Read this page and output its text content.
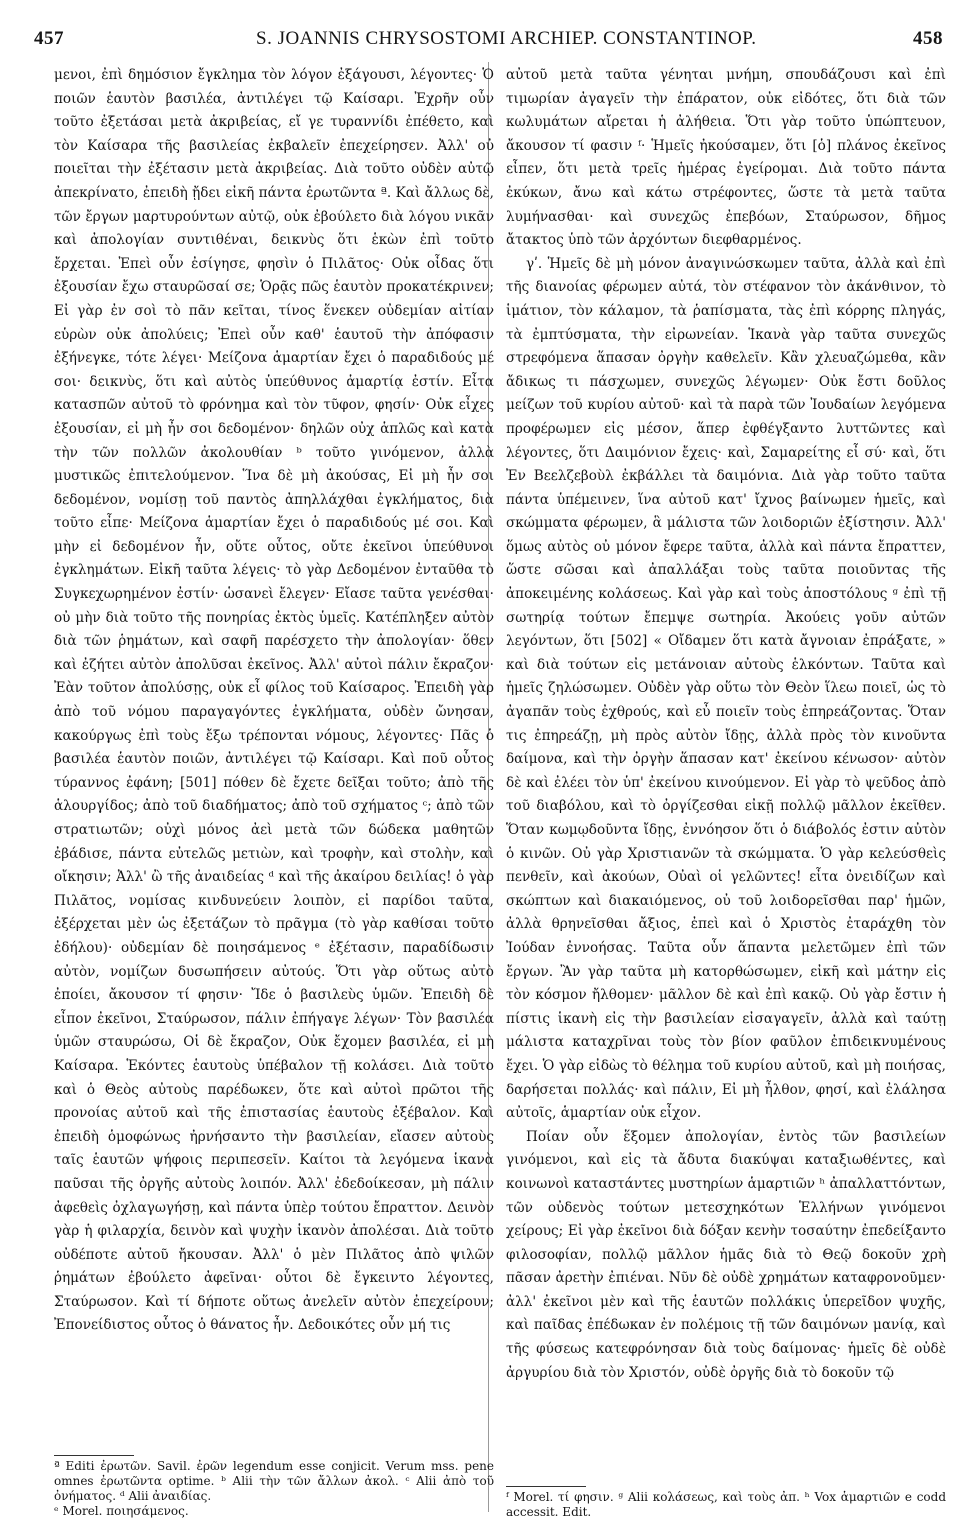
457	S. JOANNIS CHRYSOSTOMI ARCHIEP. CONSTANTINOP.	458

μενοι, ἐπὶ δημόσιον ἔγκλημα τὸν λόγον ἐξάγουσι, λέγοντες· Ὁ ποιῶν ἑαυτὸν βασιλέα, ἀντιλέγει τῷ Καίσαρι. Ἐχρῆν οὖν τοῦτο ἐξετάσαι μετὰ ἀκριβείας, εἴ γε τυραννίδι ἐπέθετο, καὶ τὸν Καίσαρα τῆς βασιλείας ἐκβαλεῖν ἐπεχείρησεν. Ἀλλ' οὐ ποιεῖται τὴν ἐξέτασιν μετὰ ἀκριβείας. Διὰ τοῦτο οὐδὲν αὐτῷ ἀπεκρίνατο, ἐπειδὴ ᾔδει εἰκῆ πάντα ἐρωτῶντα ª. Καὶ ἄλλως δὲ, τῶν ἔργων μαρτυρούντων αὐτῷ, οὐκ ἐβούλετο διὰ λόγου νικᾶν καὶ ἀπολογίαν συντιθέναι, δεικνὺς ὅτι ἑκὼν ἐπὶ τοῦτο ἔρχεται. Ἐπεὶ οὖν ἐσίγησε, φησὶν ὁ Πιλᾶτος· Οὐκ οἶδας ὅτι ἐξουσίαν ἔχω σταυρῶσαί σε; Ὁρᾷς πῶς ἑαυτὸν προκατέκρινεν; Εἰ γὰρ ἐν σοὶ τὸ πᾶν κεῖται, τίνος ἕνεκεν οὐδεμίαν αἰτίαν εὑρὼν οὐκ ἀπολύεις; Ἐπεὶ οὖν καθ' ἑαυτοῦ τὴν ἀπόφασιν ἐξήνεγκε, τότε λέγει· Μείζονα ἁμαρτίαν ἔχει ὁ παραδιδούς μέ σοι· δεικνὺς, ὅτι καὶ αὐτὸς ὑπεύθυνος ἁμαρτίᾳ ἐστίν. Εἶτα κατασπῶν αὐτοῦ τὸ φρόνημα καὶ τὸν τῦφον, φησίν· Οὐκ εἶχες ἐξουσίαν, εἰ μὴ ἦν σοι δεδομένον· δηλῶν οὐχ ἁπλῶς καὶ κατὰ τὴν τῶν πολλῶν ἀκολουθίαν ᵇ τοῦτο γινόμενον, ἀλλὰ μυστικῶς ἐπιτελούμενον. Ἵνα δὲ μὴ ἀκούσας, Εἰ μὴ ἦν σοι δεδομένον, νομίσῃ τοῦ παντὸς ἀπηλλάχθαι ἐγκλήματος, διὰ τοῦτο εἶπε· Μείζονα ἁμαρτίαν ἔχει ὁ παραδιδούς μέ σοι. Καὶ μὴν εἰ δεδομένον ἦν, οὔτε οὗτος, οὔτε ἐκεῖνοι ὑπεύθυνοι ἐγκλημάτων. Εἰκῆ ταῦτα λέγεις· τὸ γὰρ Δεδομένον ἐνταῦθα τὸ Συγκεχωρημένον ἐστίν· ὡσανεὶ ἔλεγεν· Εἴασε ταῦτα γενέσθαι· οὐ μὴν διὰ τοῦτο τῆς πονηρίας ἐκτὸς ὑμεῖς. Κατέπληξεν αὐτὸν διὰ τῶν ῥημάτων, καὶ σαφῆ παρέσχετο τὴν ἀπολογίαν· ὅθεν καὶ ἐζήτει αὐτὸν ἀπολῦσαι ἐκεῖνος. Ἀλλ' αὐτοὶ πάλιν ἔκραζον· Ἐὰν τοῦτον ἀπολύσῃς, οὐκ εἶ φίλος τοῦ Καίσαρος. Ἐπειδὴ γὰρ ἀπὸ τοῦ νόμου παραγαγόντες ἐγκλήματα, οὐδὲν ὤνησαν, κακούργως ἐπὶ τοὺς ἔξω τρέπονται νόμους, λέγοντες· Πᾶς ὁ βασιλέα ἑαυτὸν ποιῶν, ἀντιλέγει τῷ Καίσαρι. Καὶ ποῦ οὗτος τύραννος ἐφάνη; [501] πόθεν δὲ ἔχετε δεῖξαι τοῦτο; ἀπὸ τῆς ἁλουργίδος; ἀπὸ τοῦ διαδήματος; ἀπὸ τοῦ σχήματος ᶜ; ἀπὸ τῶν στρατιωτῶν; οὐχὶ μόνος ἀεὶ μετὰ τῶν δώδεκα μαθητῶν ἐβάδισε, πάντα εὐτελῶς μετιὼν, καὶ τροφὴν, καὶ στολὴν, καὶ οἴκησιν; Ἀλλ' ὢ τῆς ἀναιδείας ᵈ καὶ τῆς ἀκαίρου δειλίας! ὁ γὰρ Πιλᾶτος, νομίσας κινδυνεύειν λοιπὸν, εἰ παρίδοι ταῦτα, ἐξέρχεται μὲν ὡς ἐξετάζων τὸ πρᾶγμα (τὸ γὰρ καθίσαι τοῦτο ἐδήλου)· οὐδεμίαν δὲ ποιησάμενος ᵉ ἐξέτασιν, παραδίδωσιν αὐτὸν, νομίζων δυσωπήσειν αὐτούς. Ὅτι γὰρ οὕτως αὐτὸ ἐποίει, ἄκουσον τί φησιν· Ἴδε ὁ βασιλεὺς ὑμῶν. Ἐπειδὴ δὲ εἶπον ἐκεῖνοι, Σταύρωσον, πάλιν ἐπήγαγε λέγων· Τὸν βασιλέα ὑμῶν σταυρώσω, Οἱ δὲ ἔκραζον, Οὐκ ἔχομεν βασιλέα, εἰ μὴ Καίσαρα. Ἑκόντες ἑαυτοὺς ὑπέβαλον τῇ κολάσει. Διὰ τοῦτο καὶ ὁ Θεὸς αὐτοὺς παρέδωκεν, ὅτε καὶ αὐτοὶ πρῶτοι τῆς προνοίας αὐτοῦ καὶ τῆς ἐπιστασίας ἑαυτοὺς ἐξέβαλον. Καὶ ἐπειδὴ ὁμοφώνως ἠρνήσαντο τὴν βασιλείαν, εἴασεν αὐτοὺς ταῖς ἑαυτῶν ψήφοις περιπεσεῖν. Καίτοι τὰ λεγόμενα ἱκανὰ παῦσαι τῆς ὀργῆς αὐτοὺς λοιπόν. Ἀλλ' ἐδεδοίκεσαν, μὴ πάλιν ἀφεθεὶς ὀχλαγωγήσῃ, καὶ πάντα ὑπὲρ τούτου ἔπραττον. Δεινὸν γὰρ ἡ φιλαρχία, δεινὸν καὶ ψυχὴν ἱκανὸν ἀπολέσαι. Διὰ τοῦτο οὐδέποτε αὐτοῦ ἤκουσαν. Ἀλλ' ὁ μὲν Πιλᾶτος ἀπὸ ψιλῶν ῥημάτων ἐβούλετο ἀφεῖναι· οὗτοι δὲ ἔγκειντο λέγοντες, Σταύρωσον. Καὶ τί δήποτε οὕτως ἀνελεῖν αὐτὸν ἐπεχείρουν; Ἐπονείδιστος οὗτος ὁ θάνατος ἦν. Δεδοικότες οὖν μή τις

αὐτοῦ μετὰ ταῦτα γένηται μνήμη, σπουδάζουσι καὶ ἐπὶ τιμωρίαν ἀγαγεῖν τὴν ἐπάρατον, οὐκ εἰδότες, ὅτι διὰ τῶν κωλυμάτων αἴρεται ἡ ἀλήθεια. Ὅτι γὰρ τοῦτο ὑπώπτευον, ἄκουσον τί φασιν ᶠ· Ἡμεῖς ἠκούσαμεν, ὅτι [ὁ] πλάνος ἐκεῖνος εἶπεν, ὅτι μετὰ τρεῖς ἡμέρας ἐγείρομαι. Διὰ τοῦτο πάντα ἐκύκων, ἄνω καὶ κάτω στρέφοντες, ὥστε τὰ μετὰ ταῦτα λυμήνασθαι· καὶ συνεχῶς ἐπεβόων, Σταύρωσον, δῆμος ἄτακτος ὑπὸ τῶν ἀρχόντων διεφθαρμένος.

γʹ. Ἡμεῖς δὲ μὴ μόνον ἀναγινώσκωμεν ταῦτα, ἀλλὰ καὶ ἐπὶ τῆς διανοίας φέρωμεν αὐτά, τὸν στέφανον τὸν ἀκάνθινον, τὸ ἱμάτιον, τὸν κάλαμον, τὰ ῥαπίσματα, τὰς ἐπὶ κόρρης πληγάς, τὰ ἐμπτύσματα, τὴν εἰρωνείαν. Ἱκανὰ γὰρ ταῦτα συνεχῶς στρεφόμενα ἅπασαν ὀργὴν καθελεῖν. Κἂν χλευαζώμεθα, κἂν ἄδικως τι πάσχωμεν, συνεχῶς λέγωμεν· Οὐκ ἔστι δοῦλος μείζων τοῦ κυρίου αὐτοῦ· καὶ τὰ παρὰ τῶν Ἰουδαίων λεγόμενα προφέρωμεν εἰς μέσον, ἅπερ ἐφθέγξαντο λυττῶντες καὶ λέγοντες, ὅτι Δαιμόνιον ἔχεις· καὶ, Σαμαρείτης εἶ σύ· καὶ, ὅτι Ἐν Βεελζεβοὺλ ἐκβάλλει τὰ δαιμόνια. Διὰ γὰρ τοῦτο ταῦτα πάντα ὑπέμεινεν, ἵνα αὐτοῦ κατ' ἴχνος βαίνωμεν ἡμεῖς, καὶ σκώμματα φέρωμεν, ἃ μάλιστα τῶν λοιδοριῶν ἐξίστησιν. Ἀλλ' ὅμως αὐτὸς οὐ μόνον ἔφερε ταῦτα, ἀλλὰ καὶ πάντα ἔπραττεν, ὥστε σῶσαι καὶ ἀπαλλάξαι τοὺς ταῦτα ποιοῦντας τῆς ἀποκειμένης κολάσεως. Καὶ γὰρ καὶ τοὺς ἀποστόλους ᵍ ἐπὶ τῇ σωτηρίᾳ τούτων ἔπεμψε σωτηρία. Ἀκούεις γοῦν αὐτῶν λεγόντων, ὅτι [502] « Οἴδαμεν ὅτι κατὰ ἄγνοιαν ἐπράξατε, » καὶ διὰ τούτων εἰς μετάνοιαν αὐτοὺς ἑλκόντων. Ταῦτα καὶ ἡμεῖς ζηλώσωμεν. Οὐδὲν γὰρ οὕτω τὸν Θεὸν ἵλεω ποιεῖ, ὡς τὸ ἀγαπᾶν τοὺς ἐχθρούς, καὶ εὖ ποιεῖν τοὺς ἐπηρεάζοντας. Ὅταν τις ἐπηρεάζῃ, μὴ πρὸς αὐτὸν ἴδῃς, ἀλλὰ πρὸς τὸν κινοῦντα δαίμονα, καὶ τὴν ὀργὴν ἅπασαν κατ' ἐκείνου κένωσον· αὐτὸν δὲ καὶ ἐλέει τὸν ὑπ' ἐκείνου κινούμενον. Εἰ γὰρ τὸ ψεῦδος ἀπὸ τοῦ διαβόλου, καὶ τὸ ὀργίζεσθαι εἰκῇ πολλῷ μᾶλλον ἐκεῖθεν. Ὅταν κωμῳδοῦντα ἴδῃς, ἐννόησον ὅτι ὁ διάβολός ἐστιν αὐτὸν ὁ κινῶν. Οὐ γὰρ Χριστιανῶν τὰ σκώμματα. Ὁ γὰρ κελεύσθεὶς πενθεῖν, καὶ ἀκούων, Οὐαὶ οἱ γελῶντες! εἶτα ὀνειδίζων καὶ σκώπτων καὶ διακαιόμενος, οὐ τοῦ λοιδορεῖσθαι παρ' ἡμῶν, ἀλλὰ θρηνεῖσθαι ἄξιος, ἐπεὶ καὶ ὁ Χριστὸς ἐταράχθη τὸν Ἰούδαν ἐννοήσας. Ταῦτα οὖν ἅπαντα μελετῶμεν ἐπὶ τῶν ἔργων. Ἂν γὰρ ταῦτα μὴ κατορθώσωμεν, εἰκῆ καὶ μάτην εἰς τὸν κόσμον ἤλθομεν· μᾶλλον δὲ καὶ ἐπὶ κακῷ. Οὐ γὰρ ἔστιν ἡ πίστις ἱκανὴ εἰς τὴν βασιλείαν εἰσαγαγεῖν, ἀλλὰ καὶ ταύτῃ μάλιστα καταχρῖναι τοὺς τὸν βίον φαῦλον ἐπιδεικνυμένους ἔχει. Ὁ γὰρ εἰδὼς τὸ θέλημα τοῦ κυρίου αὐτοῦ, καὶ μὴ ποιήσας, δαρήσεται πολλάς· καὶ πάλιν, Εἰ μὴ ἦλθον, φησί, καὶ ἐλάλησα αὐτοῖς, ἁμαρτίαν οὐκ εἶχον.

Ποίαν οὖν ἕξομεν ἀπολογίαν, ἐντὸς τῶν βασιλείων γινόμενοι, καὶ εἰς τὰ ἄδυτα διακύψαι καταξιωθέντες, καὶ κοινωνοὶ καταστάντες μυστηρίων ἁμαρτιῶν ʰ ἀπαλλαττόντων, τῶν οὐδενὸς τούτων μετεσχηκότων Ἑλλήνων γινόμενοι χείρους; Εἰ γὰρ ἐκεῖνοι διὰ δόξαν κενὴν τοσαύτην ἐπεδείξαντο φιλοσοφίαν, πολλῷ μᾶλλον ἡμᾶς διὰ τὸ Θεῷ δοκοῦν χρὴ πᾶσαν ἀρετὴν ἐπιέναι. Νῦν δὲ οὐδὲ χρημάτων καταφρονοῦμεν· ἀλλ' ἐκεῖνοι μὲν καὶ τῆς ἑαυτῶν πολλάκις ὑπερεῖδον ψυχῆς, καὶ παῖδας ἐπέδωκαν ἐν πολέμοις τῇ τῶν δαιμόνων μανίᾳ, καὶ τῆς φύσεως κατεφρόνησαν διὰ τοὺς δαίμονας· ἡμεῖς δὲ οὐδὲ ἀργυρίου διὰ τὸν Χριστόν, οὐδὲ ὀργῆς διὰ τὸ δοκοῦν τῷ

ª Editi ἐρωτῶν. Savil. ἐρῶν legendum esse conjicit. Verum mss. pene omnes ἐρωτῶντα optime. ᵇ Alii τὴν τῶν ἄλλων ἀκολ. ᶜ Alii ἀπὸ τοῦ ὀνήματος. ᵈ Alii ἀναιδίας.
ᵉ Morel. ποιησάμενος.
ᶠ Morel. τί φησιν. ᵍ Alii κολάσεως, καὶ τοὺς ἀπ. ʰ Vox ἁμαρτιῶν e codd accessit. Edit.
